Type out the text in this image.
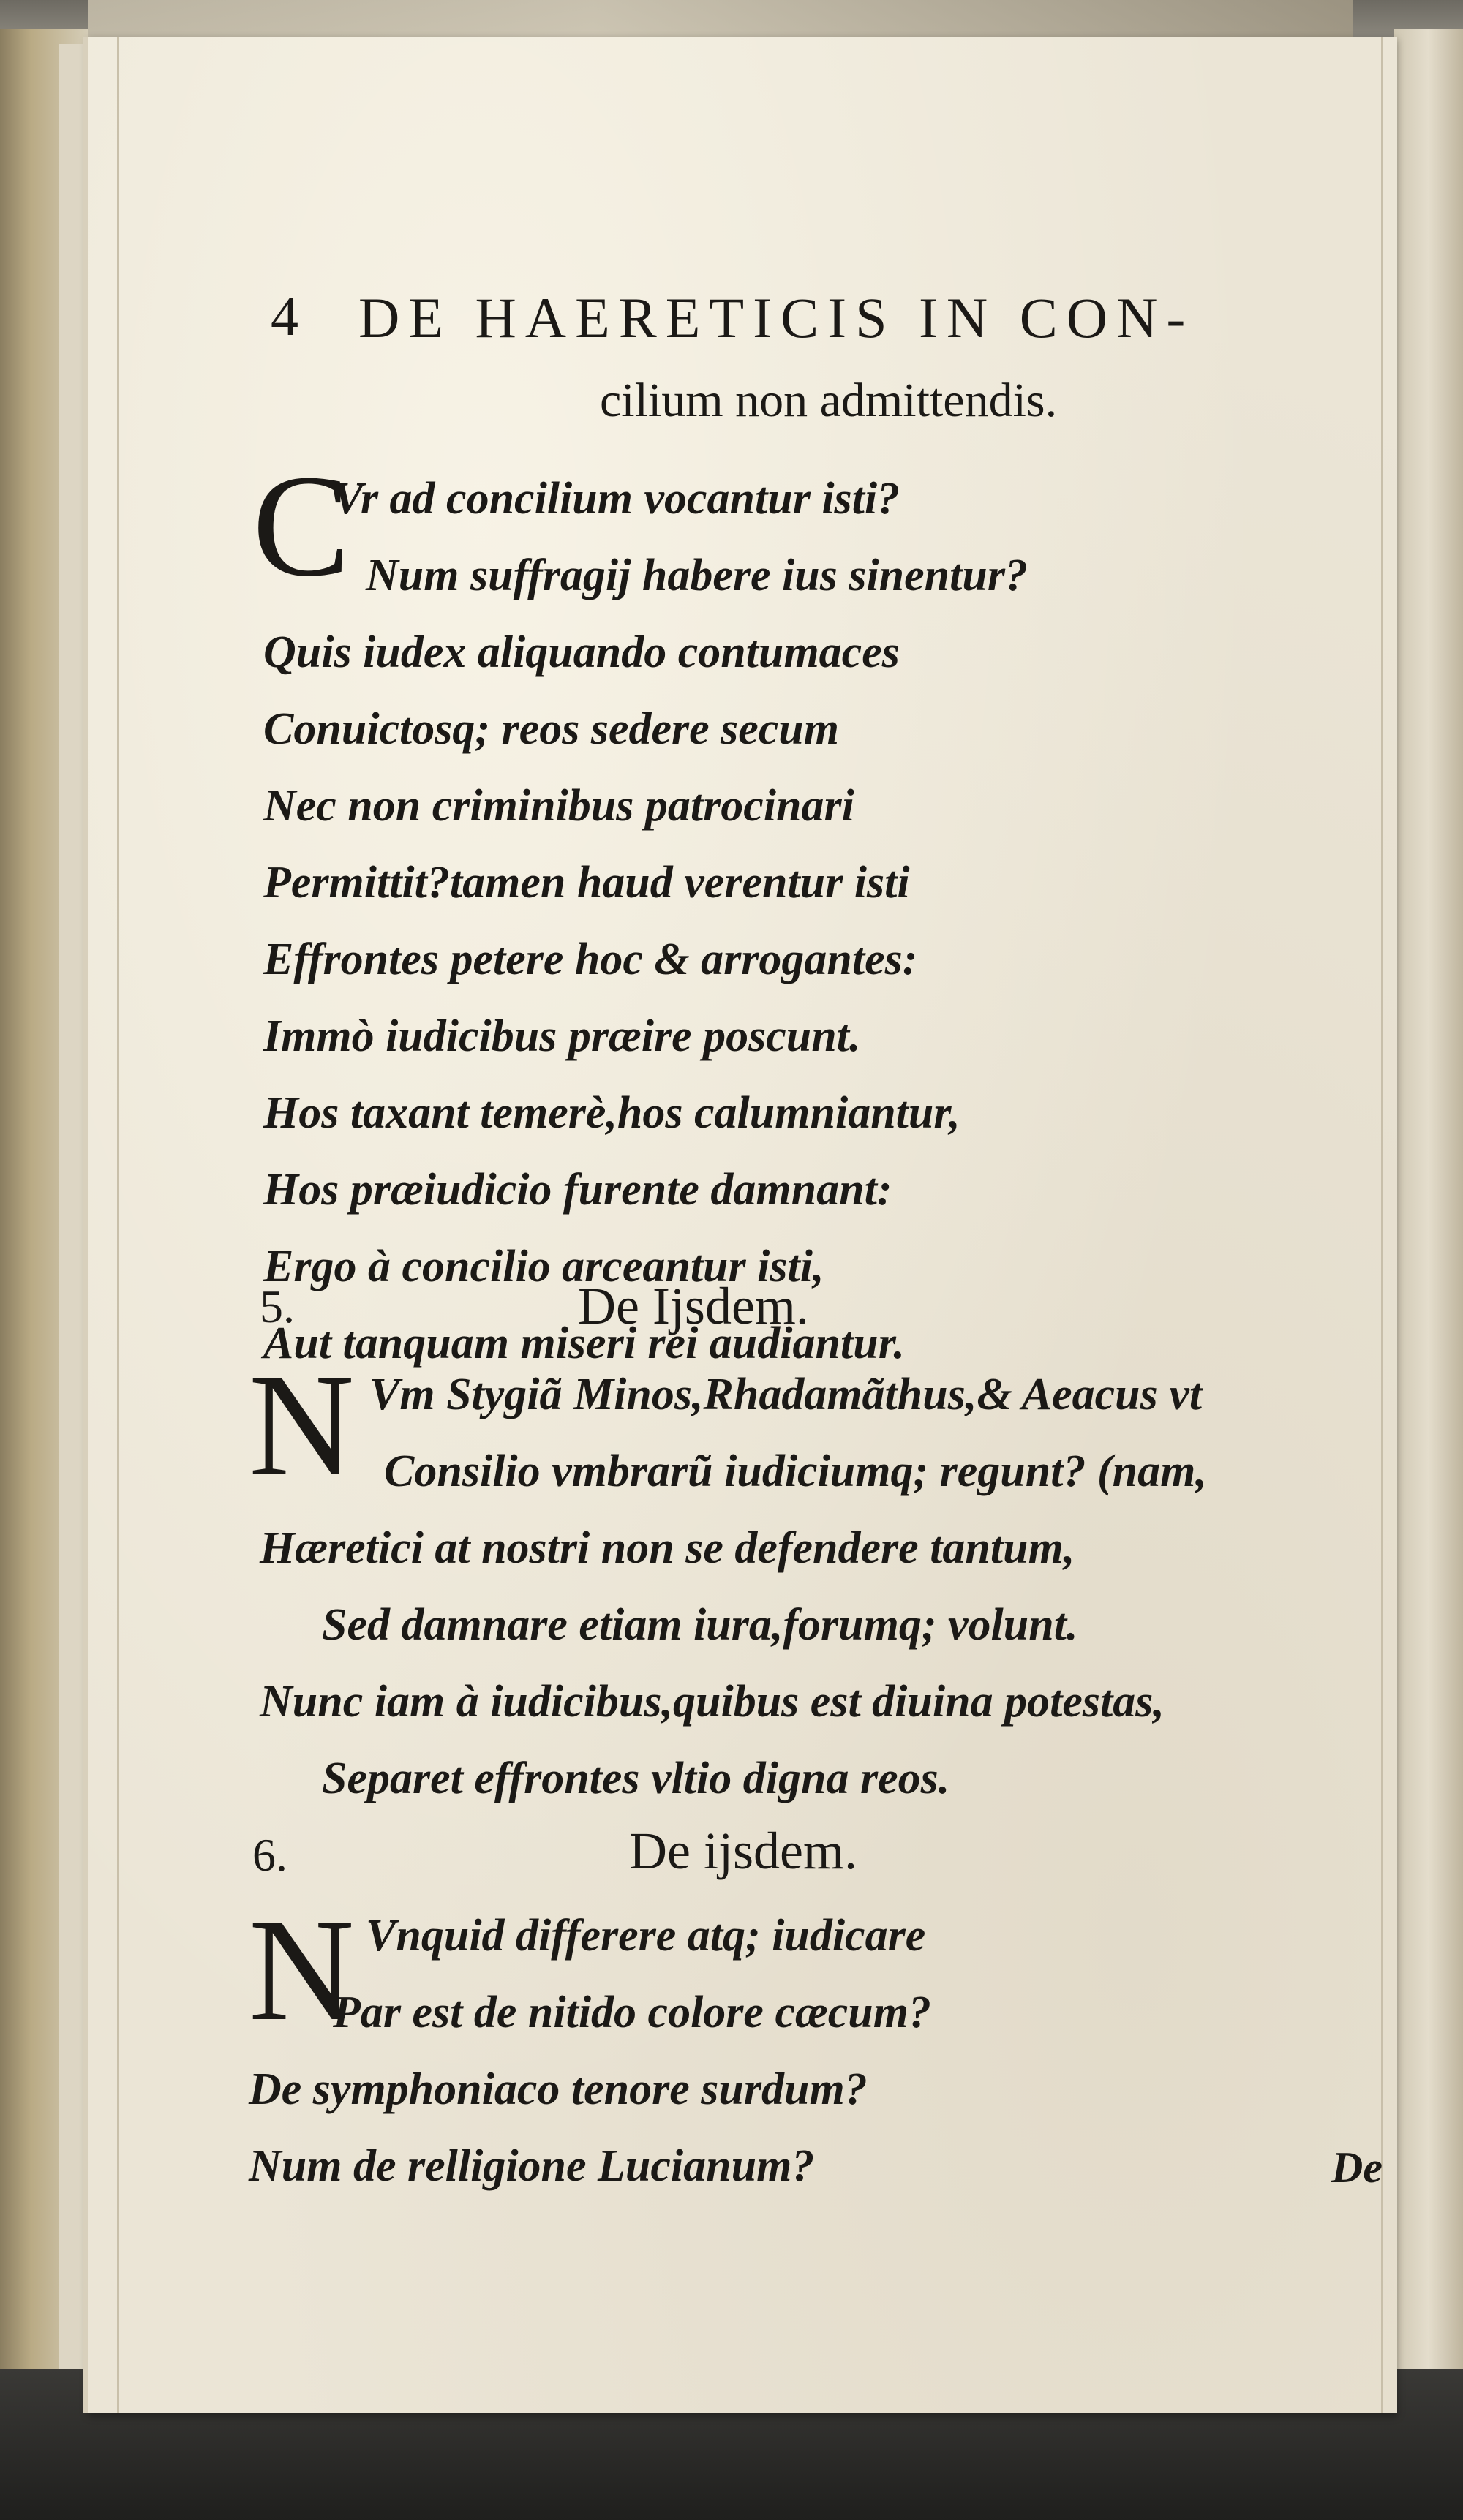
4 DE HAERETICIS IN CON-
cilium non admittendis.
C
Vr ad concilium vocantur isti?
Num suffragij habere ius sinentur?
Quis iudex aliquando contumaces
Conuictosq; reos sedere secum
Nec non criminibus patrocinari
Permittit?tamen haud verentur isti
Effrontes petere hoc & arrogantes:
Immò iudicibus præire poscunt.
Hos taxant temerè,hos calumniantur,
Hos præiudicio furente damnant:
Ergo à concilio arceantur isti,
Aut tanquam miseri rei audiantur.
5.	De Ijsdem.
N Vm Stygiã Minos,Rhadamãthus,& Aeacus vt
Consilio vmbrarũ iudiciumq; regunt? (nam,
Hæretici at nostri non se defendere tantum,
Sed damnare etiam iura,forumq; volunt.
Nunc iam à iudicibus,quibus est diuina potestas,
Separet effrontes vltio digna reos.
6.	De ijsdem.
N Vnquid differere atq; iudicare
Par est de nitido colore cæcum?
De symphoniaco tenore surdum?
Num de relligione Lucianum?	De
